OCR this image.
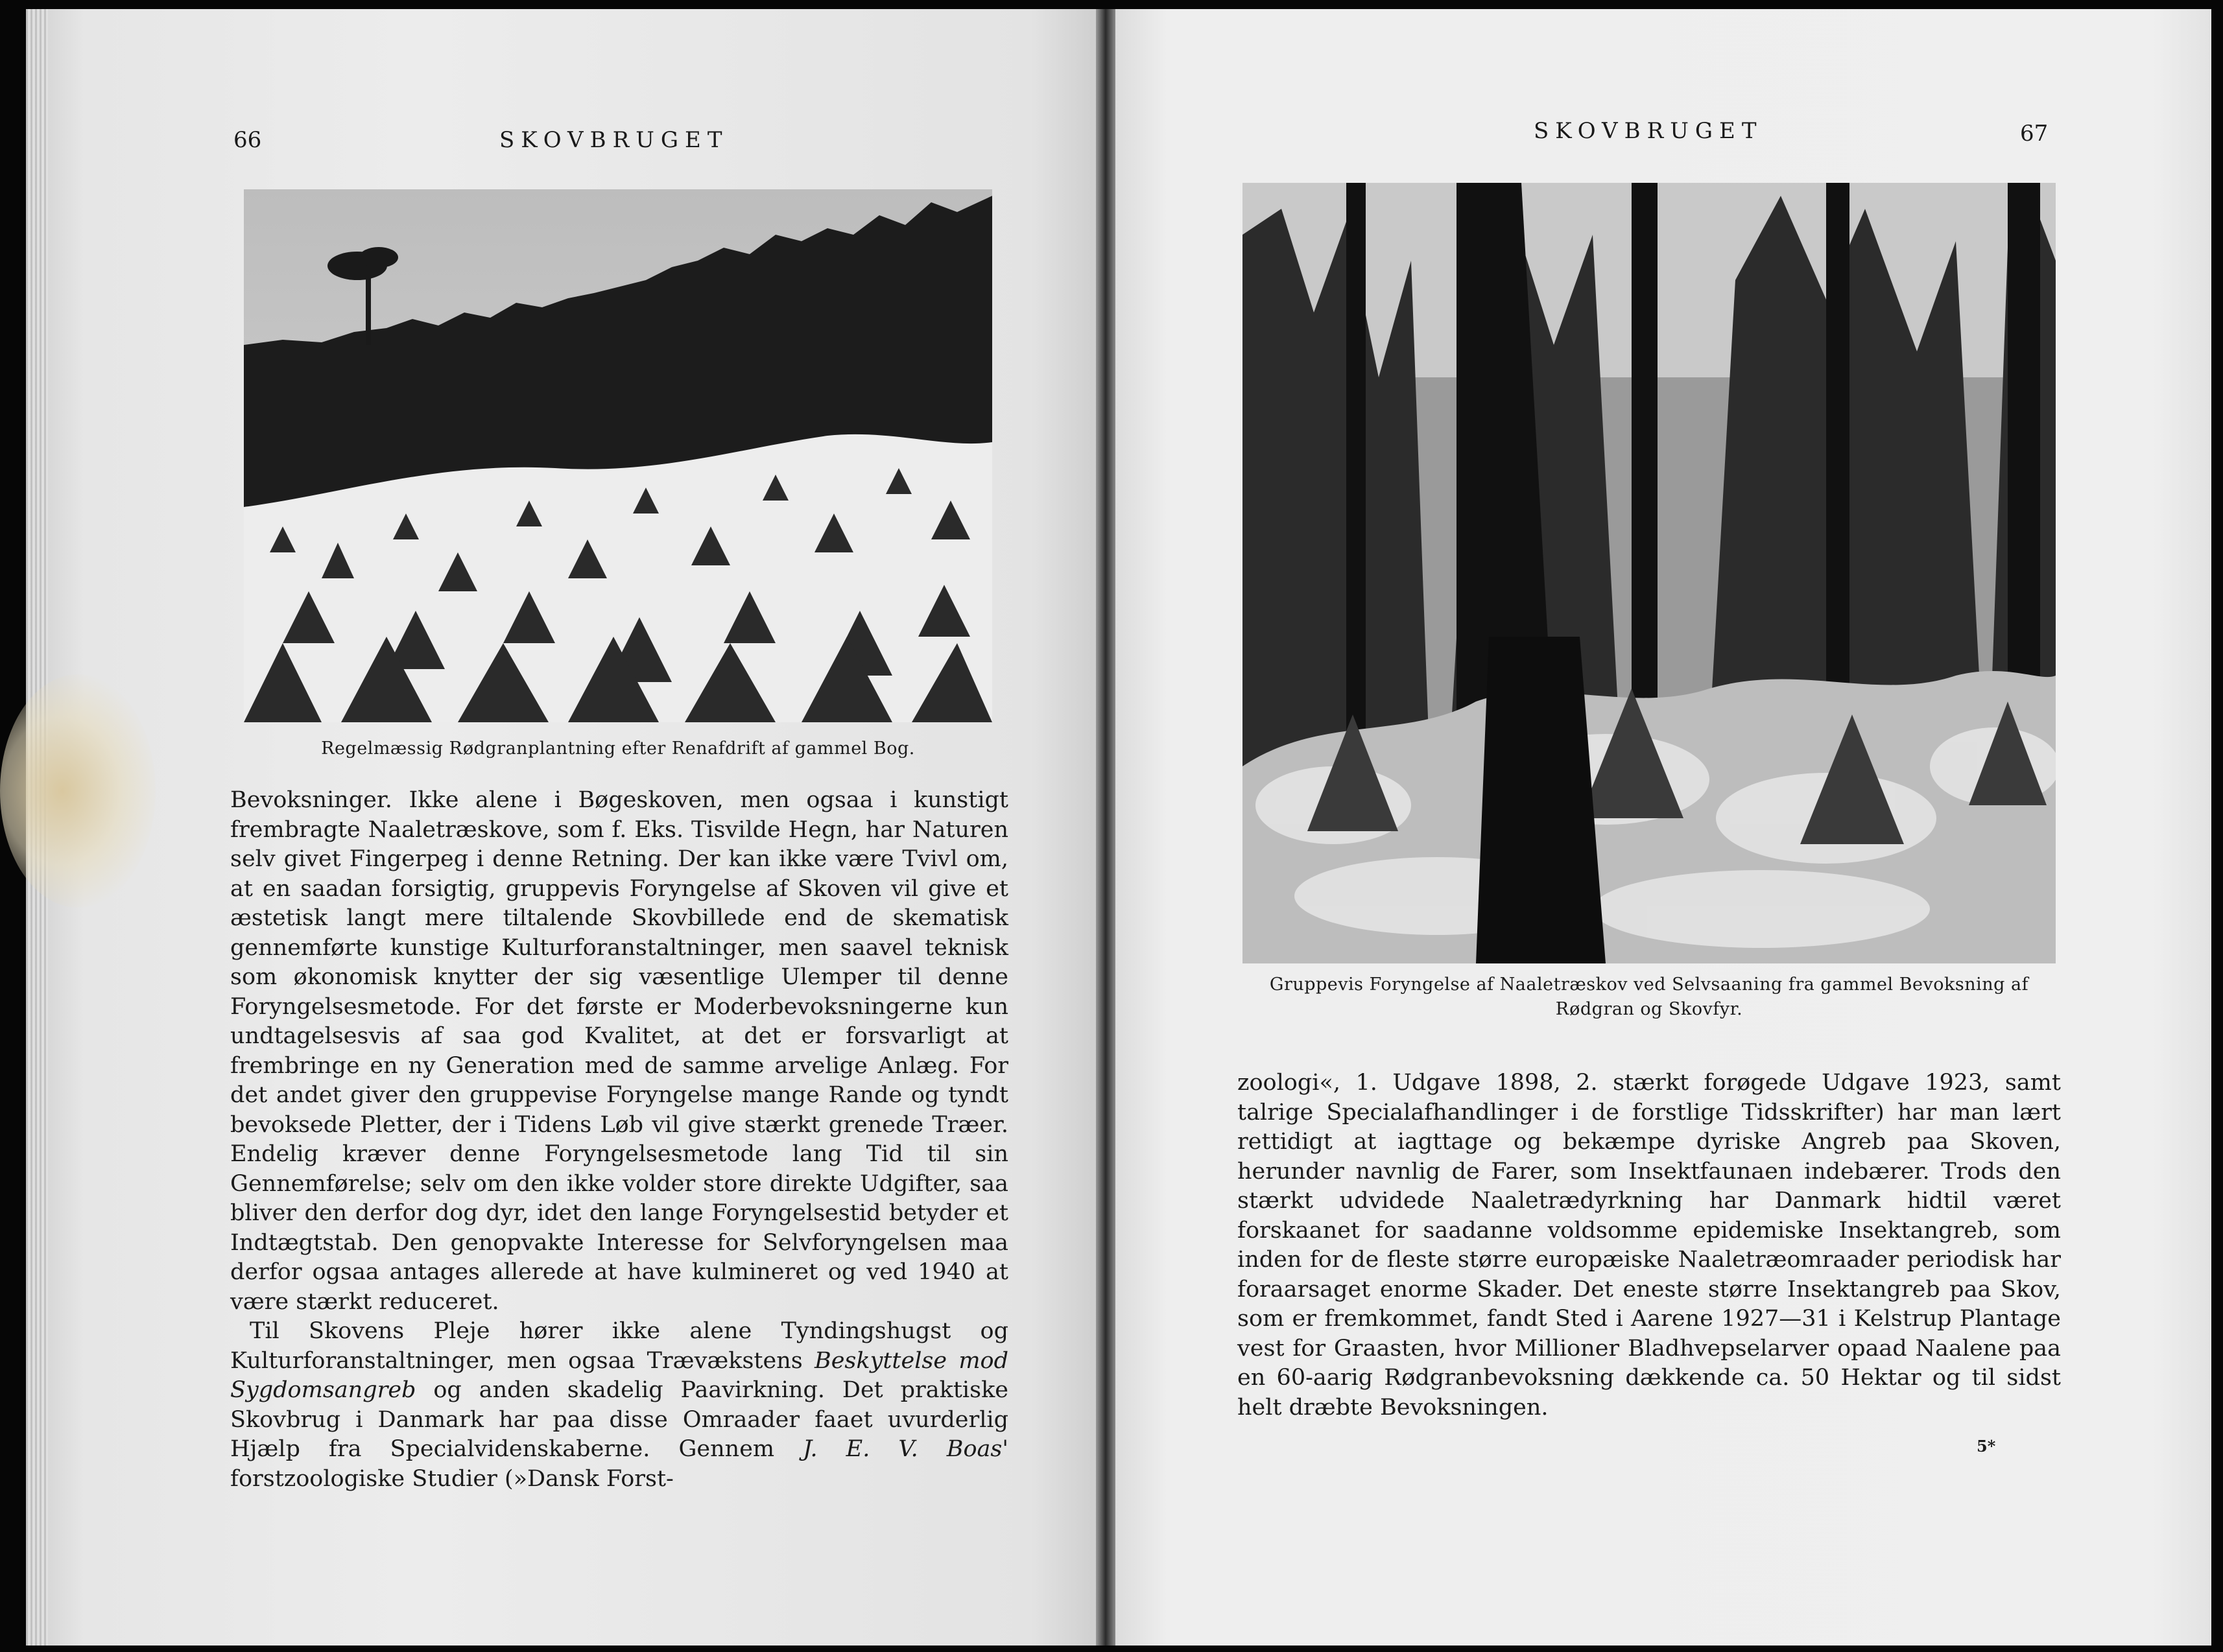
66	SKOVBRUGET
Regelmæssig Rødgranplantning efter Renafdrift af gammel Bog.

Bevoksninger. Ikke alene i Bøgeskoven, men ogsaa i kunstigt frembragte Naaletræskove, som f. Eks. Tisvilde Hegn, har Naturen selv givet Fingerpeg i denne Retning. Der kan ikke være Tvivl om, at en saadan forsigtig, gruppevis Foryngelse af Skoven vil give et æstetisk langt mere tiltalende Skovbillede end de skematisk gennemførte kunstige Kulturforanstaltninger, men saavel teknisk som økonomisk knytter der sig væsentlige Ulemper til denne Foryngelsesmetode. For det første er Moderbevoksningerne kun undtagelsesvis af saa god Kvalitet, at det er forsvarligt at frembringe en ny Generation med de samme arvelige Anlæg. For det andet giver den gruppevise Foryngelse mange Rande og tyndt bevoksede Pletter, der i Tidens Løb vil give stærkt grenede Træer. Endelig kræver denne Foryngelsesmetode lang Tid til sin Gennemførelse; selv om den ikke volder store direkte Udgifter, saa bliver den derfor dog dyr, idet den lange Foryngelsestid betyder et Indtægtstab. Den genopvakte Interesse for Selvforyngelsen maa derfor ogsaa antages allerede at have kulmineret og ved 1940 at være stærkt reduceret.

Til Skovens Pleje hører ikke alene Tyndingshugst og Kulturforanstaltninger, men ogsaa Trævækstens Beskyttelse mod Sygdomsangreb og anden skadelig Paavirkning. Det praktiske Skovbrug i Danmark har paa disse Omraader faaet uvurderlig Hjælp fra Specialvidenskaberne. Gennem J. E. V. Boas' forstzoologiske Studier (»Dansk Forst-

SKOVBRUGET	67
Gruppevis Foryngelse af Naaletræskov ved Selvsaaning fra gammel Bevoksning af Rødgran og Skovfyr.

zoologi«, 1. Udgave 1898, 2. stærkt forøgede Udgave 1923, samt talrige Specialafhandlinger i de forstlige Tidsskrifter) har man lært rettidigt at iagttage og bekæmpe dyriske Angreb paa Skoven, herunder navnlig de Farer, som Insektfaunaen indebærer. Trods den stærkt udvidede Naaletrædyrkning har Danmark hidtil været forskaanet for saadanne voldsomme epidemiske Insektangreb, som inden for de fleste større europæiske Naaletræomraader periodisk har foraarsaget enorme Skader. Det eneste større Insektangreb paa Skov, som er fremkommet, fandt Sted i Aarene 1927—31 i Kelstrup Plantage vest for Graasten, hvor Millioner Bladhvepselarver opaad Naalene paa en 60-aarig Rødgranbevoksning dækkende ca. 50 Hektar og til sidst helt dræbte Bevoksningen.

5*
